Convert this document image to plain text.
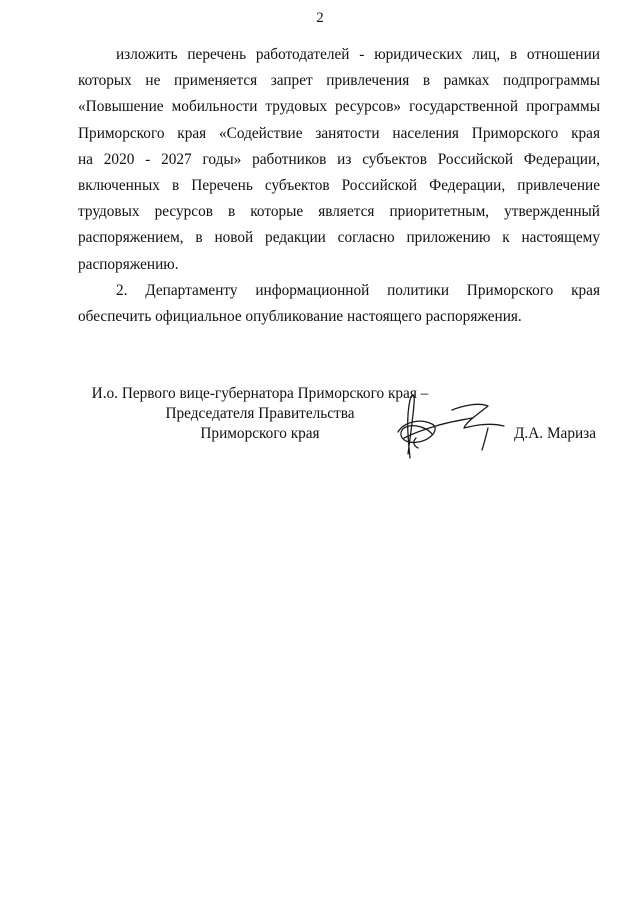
2
изложить перечень работодателей - юридических лиц, в отношении
которых не применяется запрет привлечения в рамках подпрограммы
«Повышение мобильности трудовых ресурсов» государственной программы
Приморского края «Содействие занятости населения Приморского края
на 2020 - 2027 годы» работников из субъектов Российской Федерации,
включенных в Перечень субъектов Российской Федерации, привлечение
трудовых ресурсов в которые является приоритетным, утвержденный
распоряжением, в новой редакции согласно приложению к настоящему
распоряжению.
2. Департаменту информационной политики Приморского края
обеспечить официальное опубликование настоящего распоряжения.
И.о. Первого вице-губернатора Приморского края –
Председателя Правительства
Приморского края	Д.А. Мариза
